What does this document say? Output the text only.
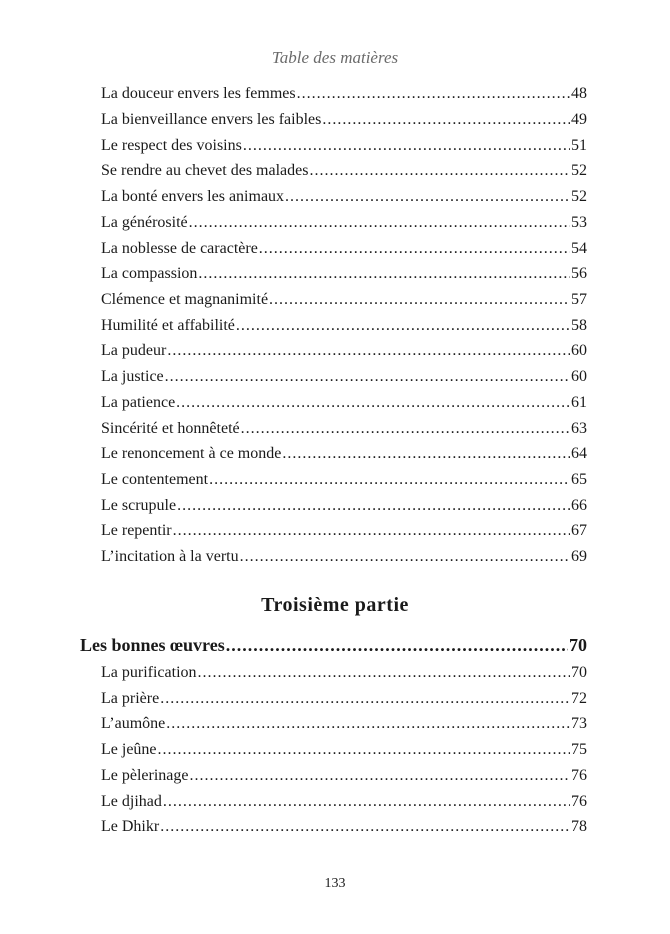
Table des matières
La douceur envers les femmes .....	48
La bienveillance envers les faibles .....	49
Le respect des voisins .....	51
Se rendre au chevet des malades .....	52
La bonté envers les animaux .....	52
La générosité .....	53
La noblesse de caractère .....	54
La compassion .....	56
Clémence et magnanimité .....	57
Humilité et affabilité .....	58
La pudeur .....	60
La justice .....	60
La patience .....	61
Sincérité et honnêteté .....	63
Le renoncement à ce monde .....	64
Le contentement .....	65
Le scrupule .....	66
Le repentir .....	67
L’incitation à la vertu .....	69
Troisième partie
Les bonnes œuvres .....	70
La purification .....	70
La prière .....	72
L’aumône .....	73
Le jeûne .....	75
Le pèlerinage .....	76
Le djihad .....	76
Le Dhikr .....	78
133
